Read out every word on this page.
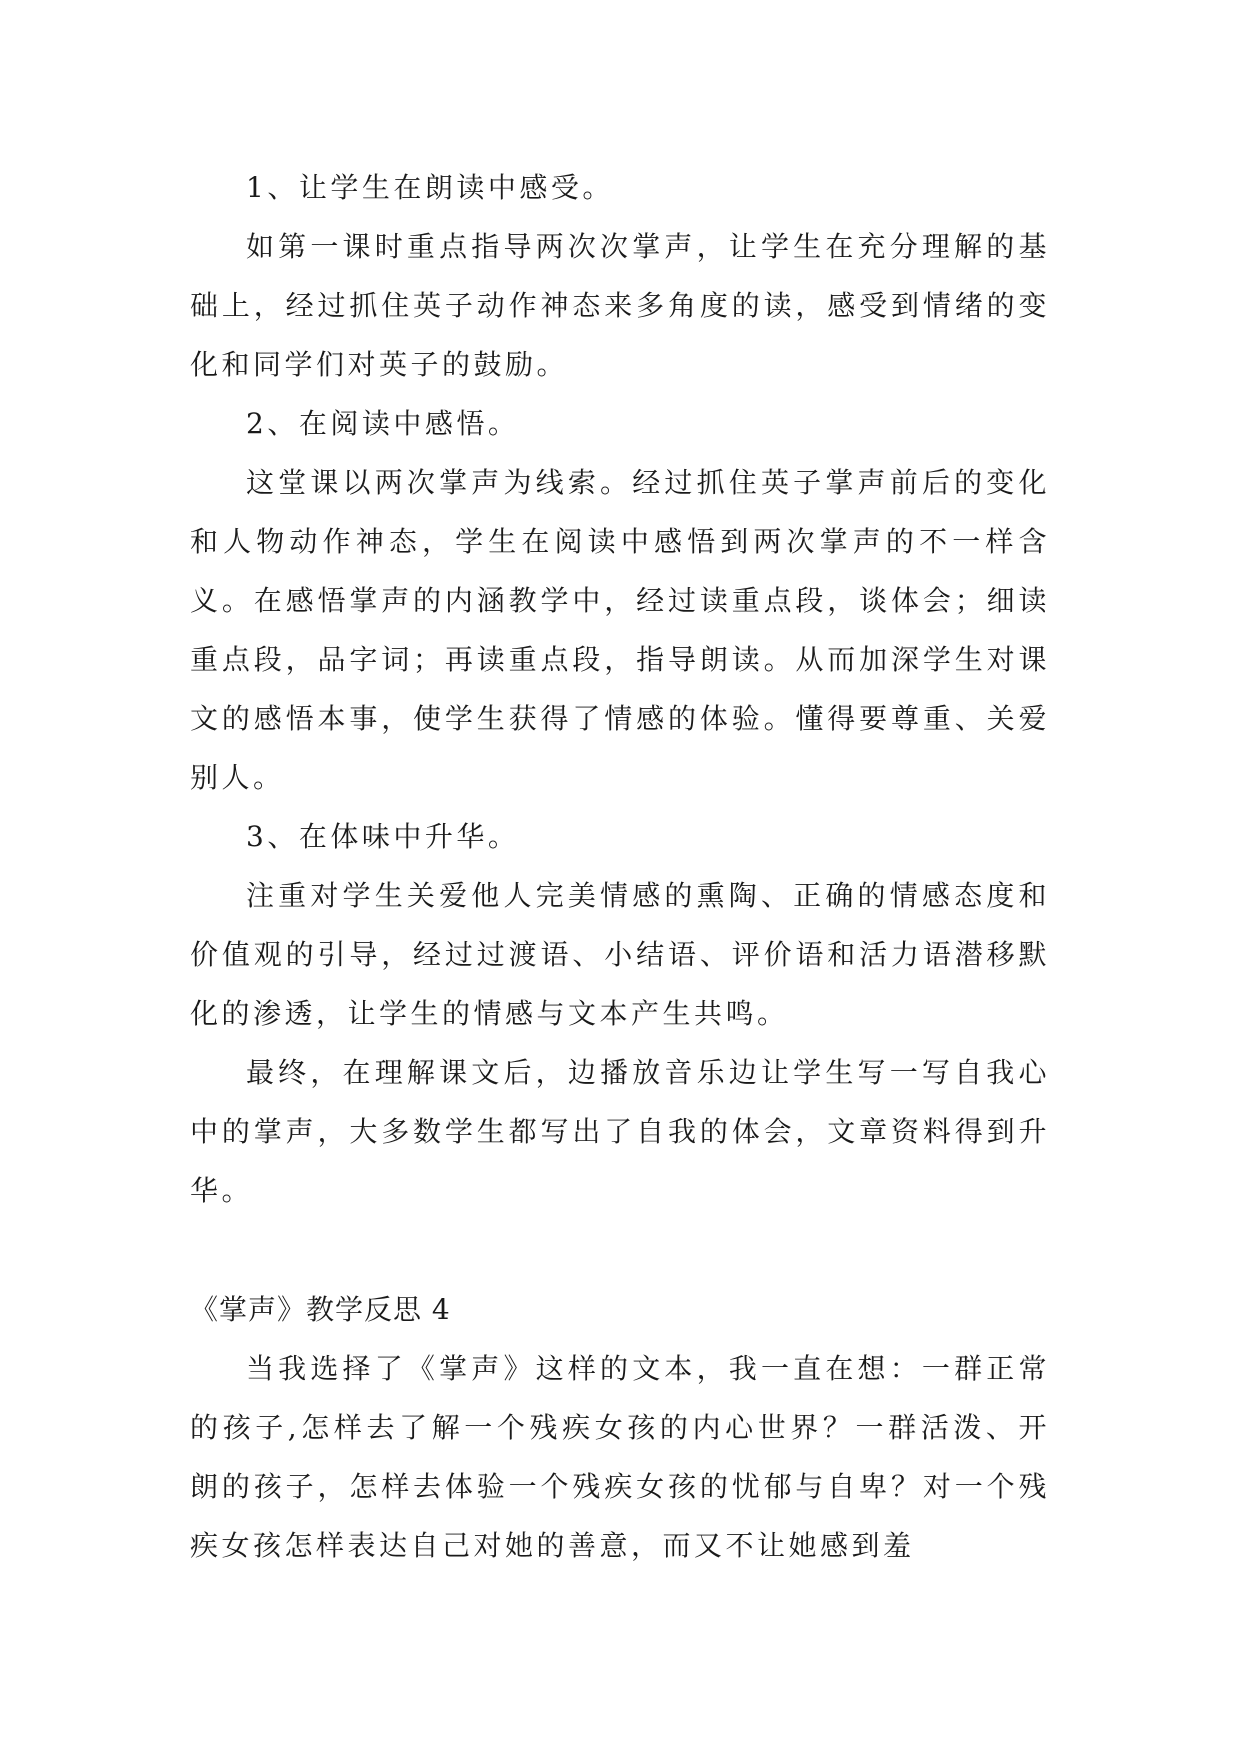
1、让学生在朗读中感受。

如第一课时重点指导两次次掌声，让学生在充分理解的基础上，经过抓住英子动作神态来多角度的读，感受到情绪的变化和同学们对英子的鼓励。

2、在阅读中感悟。

这堂课以两次掌声为线索。经过抓住英子掌声前后的变化和人物动作神态，学生在阅读中感悟到两次掌声的不一样含义。在感悟掌声的内涵教学中，经过读重点段，谈体会；细读重点段，品字词；再读重点段，指导朗读。从而加深学生对课文的感悟本事，使学生获得了情感的体验。懂得要尊重、关爱别人。

3、在体味中升华。

注重对学生关爱他人完美情感的熏陶、正确的情感态度和价值观的引导，经过过渡语、小结语、评价语和活力语潜移默化的渗透，让学生的情感与文本产生共鸣。

最终，在理解课文后，边播放音乐边让学生写一写自我心中的掌声，大多数学生都写出了自我的体会，文章资料得到升华。

《掌声》教学反思 4

当我选择了《掌声》这样的文本，我一直在想：一群正常的孩子,怎样去了解一个残疾女孩的内心世界？一群活泼、开朗的孩子，怎样去体验一个残疾女孩的忧郁与自卑？对一个残疾女孩怎样表达自己对她的善意，而又不让她感到羞
